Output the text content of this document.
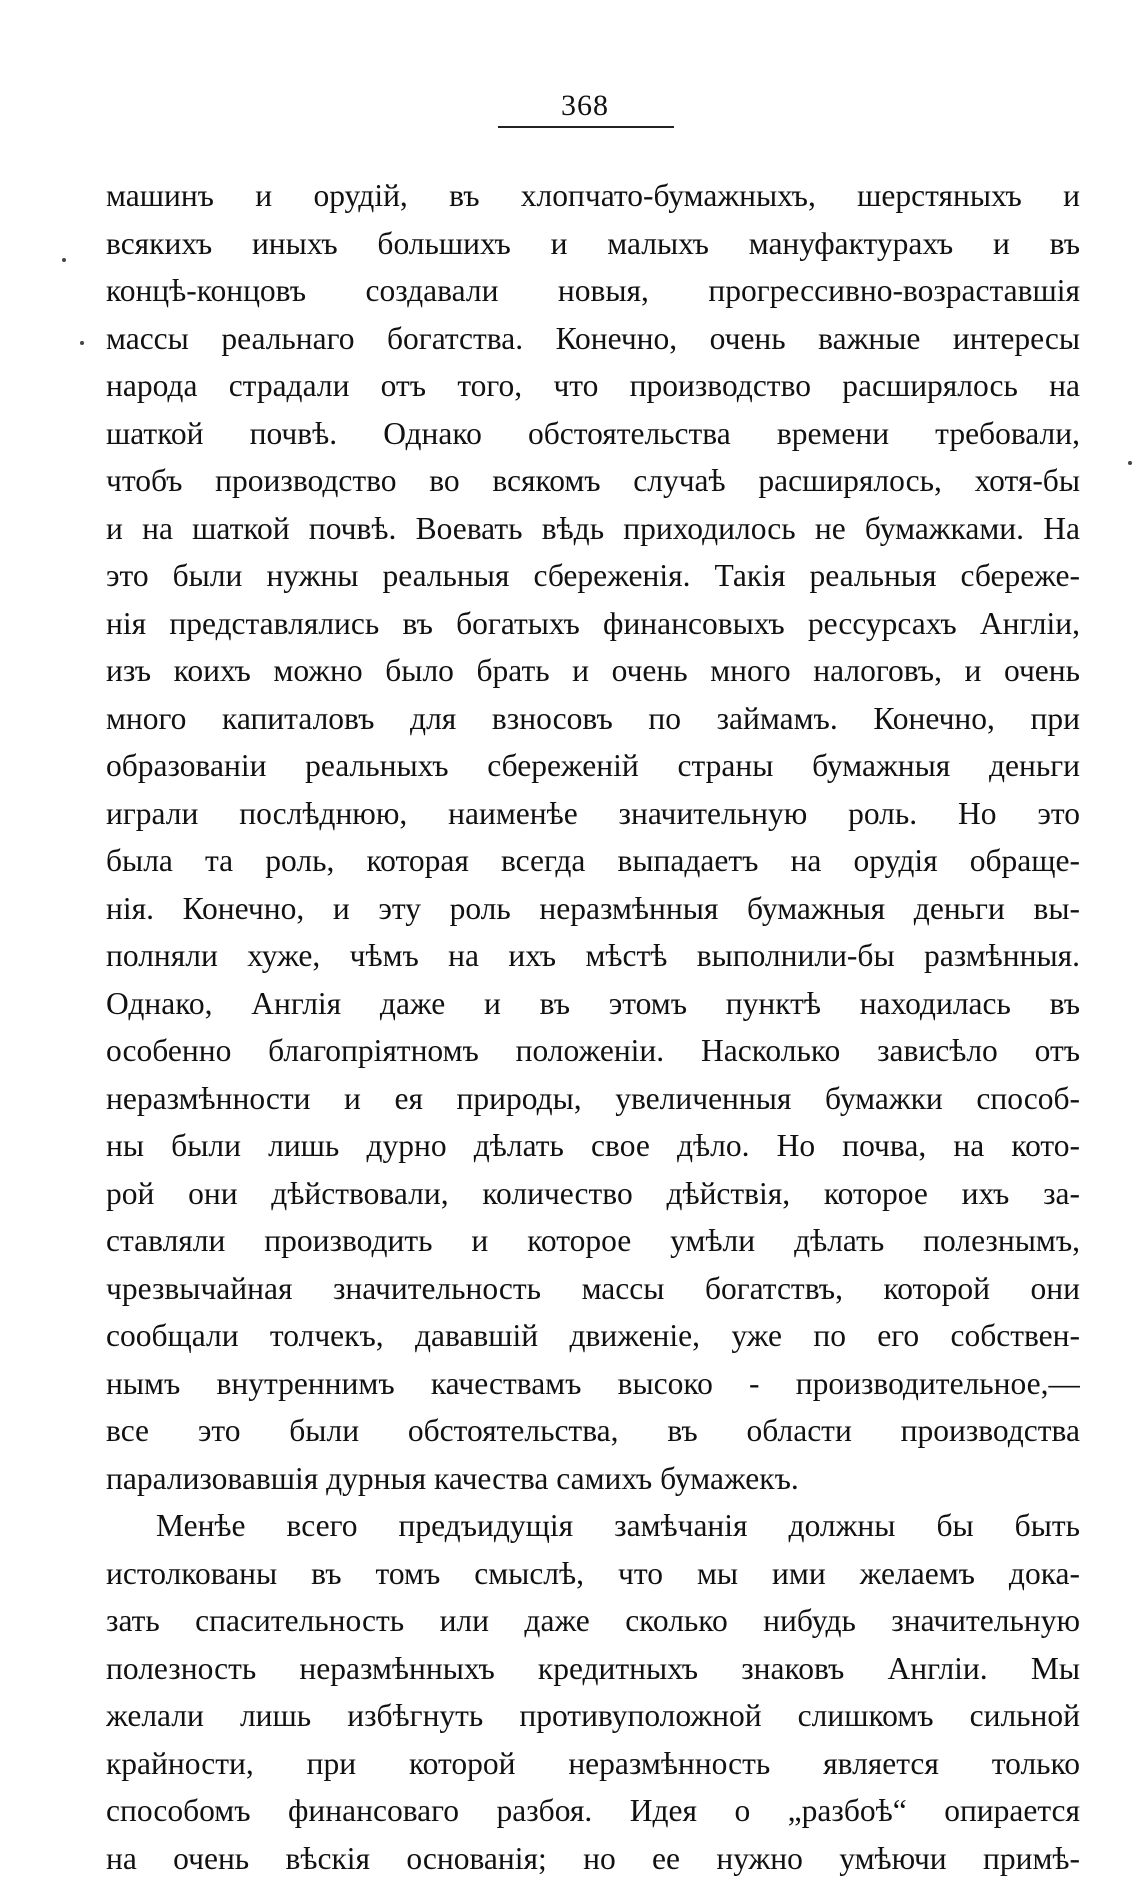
368
машинъ и орудій, въ хлопчато-бумажныхъ, шерстяныхъ и
всякихъ иныхъ большихъ и малыхъ мануфактурахъ и въ
концѣ-концовъ создавали новыя, прогрессивно-возраставшія
массы реальнаго богатства. Конечно, очень важные интересы
народа страдали отъ того, что производство расширялось на
шаткой почвѣ. Однако обстоятельства времени требовали,
чтобъ производство во всякомъ случаѣ расширялось, хотя-бы
и на шаткой почвѣ. Воевать вѣдь приходилось не бумажками. На
это были нужны реальныя сбереженія. Такія реальныя сбереже-
нія представлялись въ богатыхъ финансовыхъ рессурсахъ Англіи,
изъ коихъ можно было брать и очень много налоговъ, и очень
много капиталовъ для взносовъ по займамъ. Конечно, при
образованіи реальныхъ сбереженій страны бумажныя деньги
играли послѣднюю, наименѣе значительную роль. Но это
была та роль, которая всегда выпадаетъ на орудія обраще-
нія. Конечно, и эту роль неразмѣнныя бумажныя деньги вы-
полняли хуже, чѣмъ на ихъ мѣстѣ выполнили-бы размѣнныя.
Однако, Англія даже и въ этомъ пунктѣ находилась въ
особенно благопріятномъ положеніи. Насколько зависѣло отъ
неразмѣнности и ея природы, увеличенныя бумажки способ-
ны были лишь дурно дѣлать свое дѣло. Но почва, на кото-
рой они дѣйствовали, количество дѣйствія, которое ихъ за-
ставляли производить и которое умѣли дѣлать полезнымъ,
чрезвычайная значительность массы богатствъ, которой они
сообщали толчекъ, дававшій движеніе, уже по его собствен-
нымъ внутреннимъ качествамъ высоко - производительное,—
все это были обстоятельства, въ области производства
парализовавшія дурныя качества самихъ бумажекъ.
Менѣе всего предъидущія замѣчанія должны бы быть
истолкованы въ томъ смыслѣ, что мы ими желаемъ дока-
зать спасительность или даже сколько нибудь значительную
полезность неразмѣнныхъ кредитныхъ знаковъ Англіи. Мы
желали лишь избѣгнуть противуположной слишкомъ сильной
крайности, при которой неразмѣнность является только
способомъ финансоваго разбоя. Идея о „разбоѣ“ опирается
на очень вѣскія основанія; но ее нужно умѣючи примѣ-
